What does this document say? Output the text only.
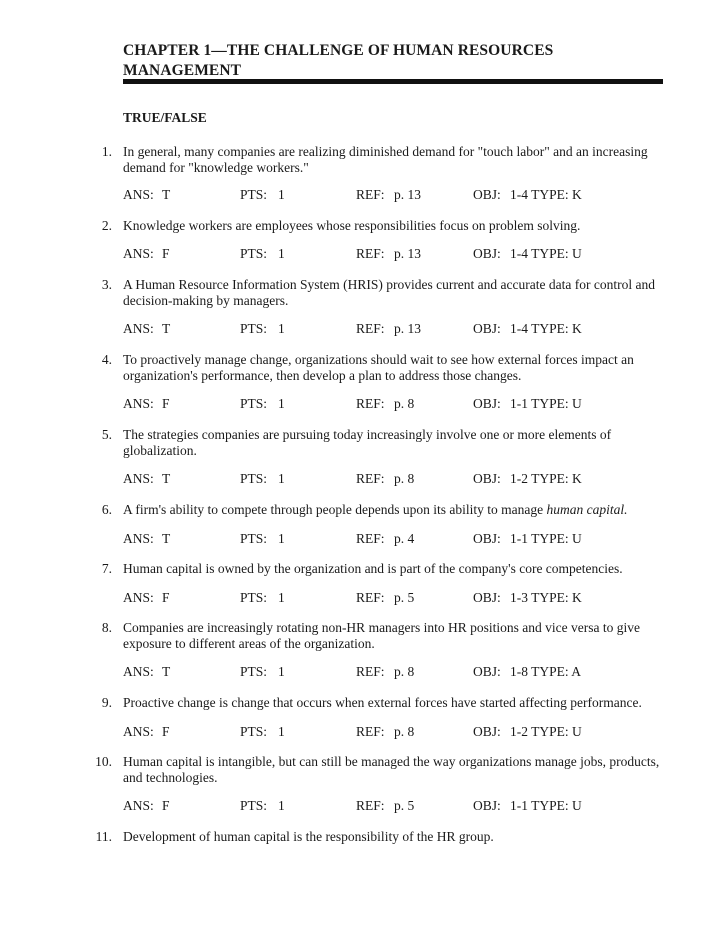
CHAPTER 1—THE CHALLENGE OF HUMAN RESOURCES
MANAGEMENT
TRUE/FALSE
1. In general, many companies are realizing diminished demand for "touch labor" and an increasing
demand for "knowledge workers."
ANS: T	PTS: 1	REF: p. 13	OBJ: 1-4 TYPE: K
2. Knowledge workers are employees whose responsibilities focus on problem solving.
ANS: F	PTS: 1	REF: p. 13	OBJ: 1-4 TYPE: U
3. A Human Resource Information System (HRIS) provides current and accurate data for control and
decision-making by managers.
ANS: T	PTS: 1	REF: p. 13	OBJ: 1-4 TYPE: K
4. To proactively manage change, organizations should wait to see how external forces impact an
organization's performance, then develop a plan to address those changes.
ANS: F	PTS: 1	REF: p. 8	OBJ: 1-1 TYPE: U
5. The strategies companies are pursuing today increasingly involve one or more elements of
globalization.
ANS: T	PTS: 1	REF: p. 8	OBJ: 1-2 TYPE: K
6. A firm's ability to compete through people depends upon its ability to manage human capital.
ANS: T	PTS: 1	REF: p. 4	OBJ: 1-1 TYPE: U
7. Human capital is owned by the organization and is part of the company's core competencies.
ANS: F	PTS: 1	REF: p. 5	OBJ: 1-3 TYPE: K
8. Companies are increasingly rotating non-HR managers into HR positions and vice versa to give
exposure to different areas of the organization.
ANS: T	PTS: 1	REF: p. 8	OBJ: 1-8 TYPE: A
9. Proactive change is change that occurs when external forces have started affecting performance.
ANS: F	PTS: 1	REF: p. 8	OBJ: 1-2 TYPE: U
10. Human capital is intangible, but can still be managed the way organizations manage jobs, products,
and technologies.
ANS: F	PTS: 1	REF: p. 5	OBJ: 1-1 TYPE: U
11. Development of human capital is the responsibility of the HR group.
